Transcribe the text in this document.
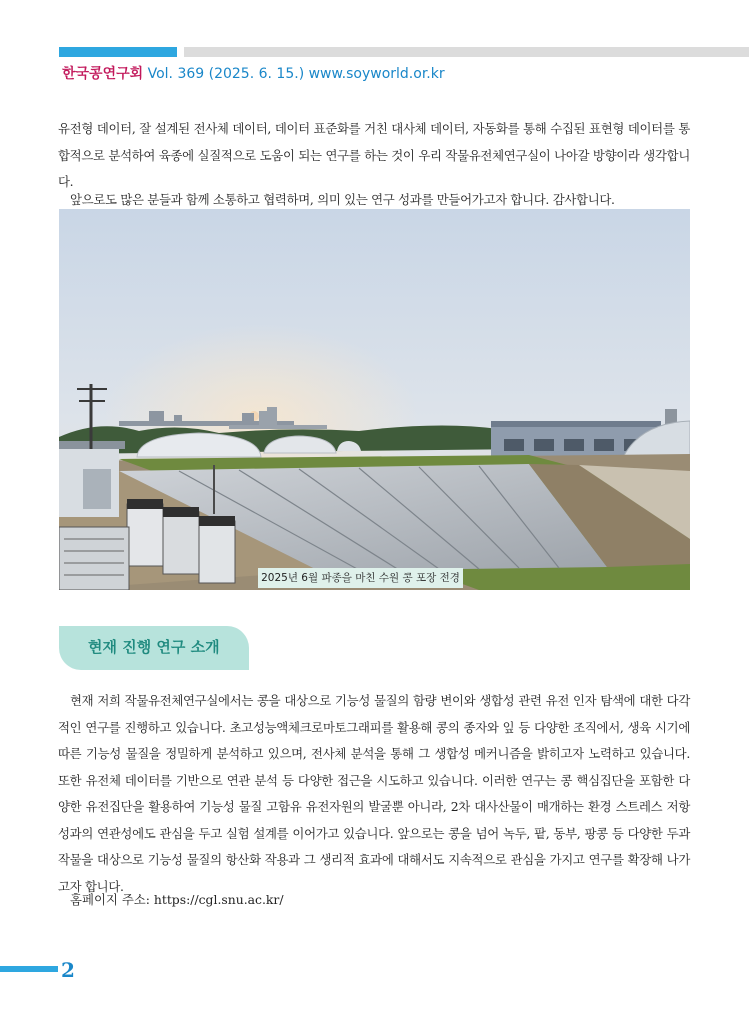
한국콩연구회 Vol. 369 (2025. 6. 15.) www.soyworld.or.kr
유전형 데이터, 잘 설계된 전사체 데이터, 데이터 표준화를 거친 대사체 데이터, 자동화를 통해 수집된 표현형 데이터를 통합적으로 분석하여 육종에 실질적으로 도움이 되는 연구를 하는 것이 우리 작물유전체연구실이 나아갈 방향이라 생각합니다.
앞으로도 많은 분들과 함께 소통하고 협력하며, 의미 있는 연구 성과를 만들어가고자 합니다. 감사합니다.
2025년 6월 파종을 마친 수원 콩 포장 전경
현재 진행 연구 소개
현재 저희 작물유전체연구실에서는 콩을 대상으로 기능성 물질의 함량 변이와 생합성 관련 유전 인자 탐색에 대한 다각적인 연구를 진행하고 있습니다. 초고성능액체크로마토그래피를 활용해 콩의 종자와 잎 등 다양한 조직에서, 생육 시기에 따른 기능성 물질을 정밀하게 분석하고 있으며, 전사체 분석을 통해 그 생합성 메커니즘을 밝히고자 노력하고 있습니다. 또한 유전체 데이터를 기반으로 연관 분석 등 다양한 접근을 시도하고 있습니다. 이러한 연구는 콩 핵심집단을 포함한 다양한 유전집단을 활용하여 기능성 물질 고함유 유전자원의 발굴뿐 아니라, 2차 대사산물이 매개하는 환경 스트레스 저항성과의 연관성에도 관심을 두고 실험 설계를 이어가고 있습니다. 앞으로는 콩을 넘어 녹두, 팥, 동부, 팡콩 등 다양한 두과작물을 대상으로 기능성 물질의 항산화 작용과 그 생리적 효과에 대해서도 지속적으로 관심을 가지고 연구를 확장해 나가고자 합니다.
홈페이지 주소: https://cgl.snu.ac.kr/
2
